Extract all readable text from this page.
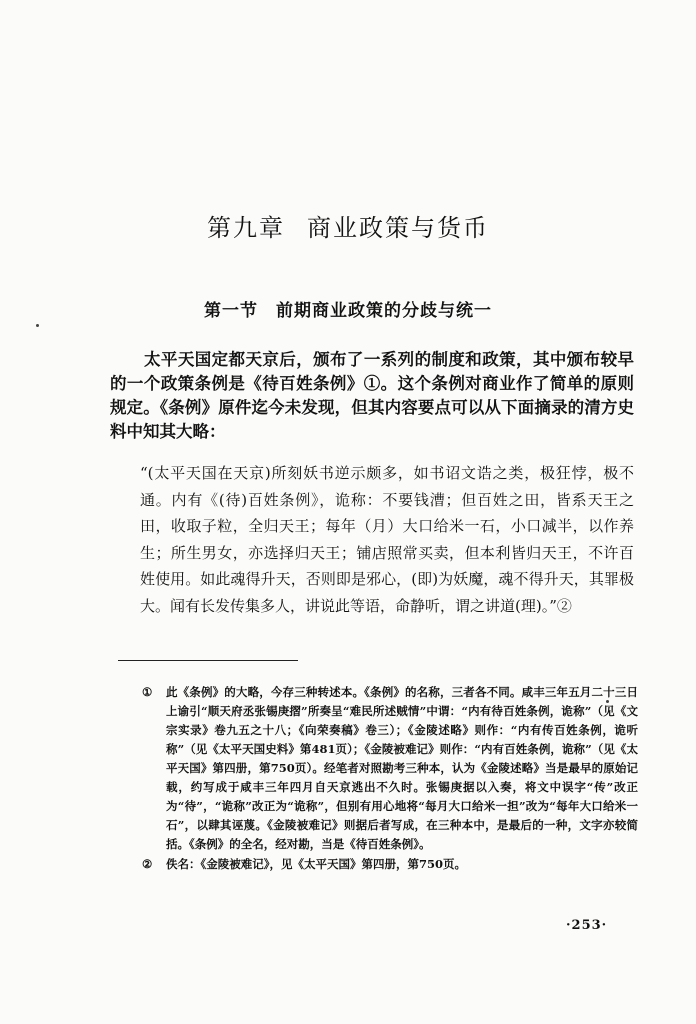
第九章 商业政策与货币
第一节 前期商业政策的分歧与统一
太平天国定都天京后，颁布了一系列的制度和政策，其中颁布较早的一个政策条例是《待百姓条例》①。这个条例对商业作了简单的原则规定。《条例》原件迄今未发现，但其内容要点可以从下面摘录的清方史料中知其大略：
“(太平天国在天京)所刻妖书逆示颇多，如书诏文诰之类，极狂悖，极不通。内有《(待)百姓条例》，诡称：不要钱漕；但百姓之田，皆系天王之田，收取子粒，全归天王；每年（月）大口给米一石，小口减半，以作养生；所生男女，亦选择归天王；铺店照常买卖，但本利皆归天王，不许百姓使用。如此魂得升天，否则即是邪心，(即)为妖魔，魂不得升天，其罪极大。闻有长发传集多人，讲说此等语，命静听，谓之讲道(理)。”②
① 此《条例》的大略，今存三种转述本。《条例》的名称，三者各不同。咸丰三年五月二十三日上谕引“顺天府丞张锡庚摺”所奏呈“难民所述贼情”中谓：“内有待百姓条例，诡称”（见《文宗实录》卷九五之十八；《向荣奏稿》卷三）；《金陵述略》则作：“内有传百姓条例，诡听称”（见《太平天国史料》第481页）；《金陵被难记》则作：“内有百姓条例，诡称”（见《太平天国》第四册，第750页）。经笔者对照勘考三种本，认为《金陵述略》当是最早的原始记载，约写成于咸丰三年四月自天京逃出不久时。张锡庚据以入奏，将文中误字“传”改正为“待”，“诡称”改正为“诡称”，但别有用心地将“每月大口给米一担”改为“每年大口给米一石”，以肆其诬蔑。《金陵被难记》则据后者写成，在三种本中，是最后的一种，文字亦较简括。《条例》的全名，经对勘，当是《待百姓条例》。
② 佚名：《金陵被难记》，见《太平天国》第四册，第750页。
·253·
